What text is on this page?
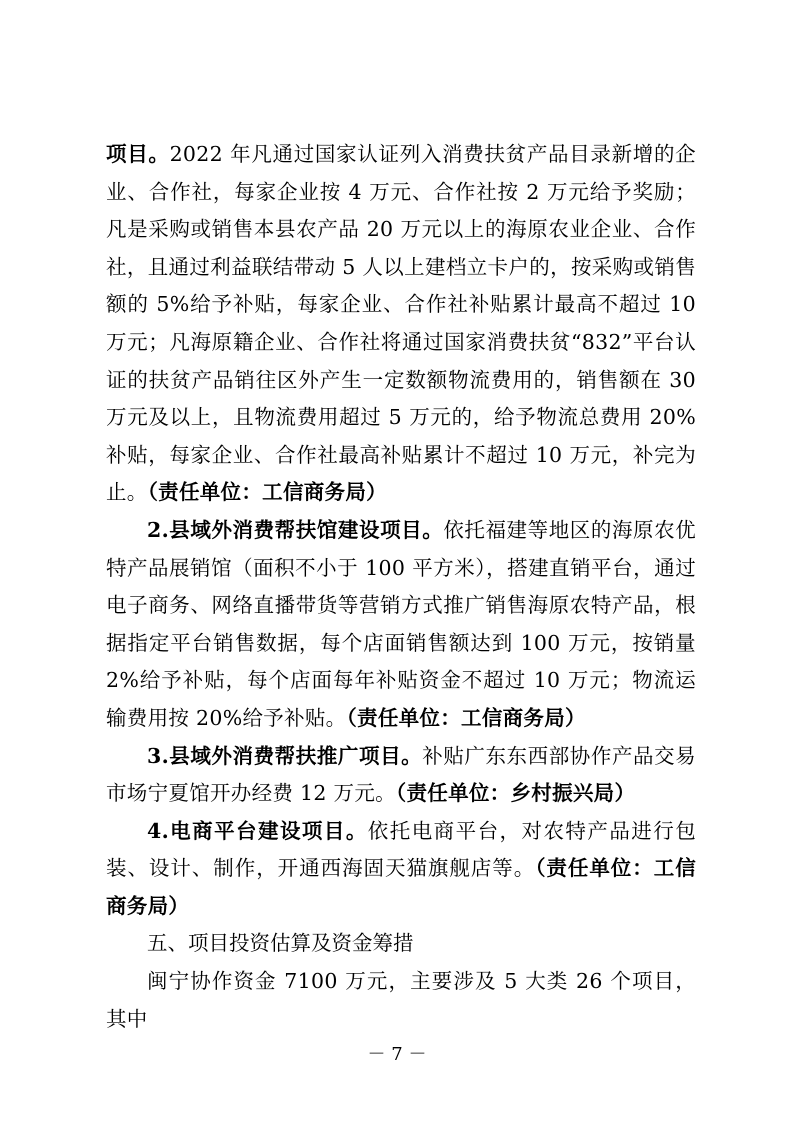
项目。2022 年凡通过国家认证列入消费扶贫产品目录新增的企业、合作社，每家企业按 4 万元、合作社按 2 万元给予奖励；凡是采购或销售本县农产品 20 万元以上的海原农业企业、合作社，且通过利益联结带动 5 人以上建档立卡户的，按采购或销售额的 5%给予补贴，每家企业、合作社补贴累计最高不超过 10 万元；凡海原籍企业、合作社将通过国家消费扶贫“832”平台认证的扶贫产品销往区外产生一定数额物流费用的，销售额在 30 万元及以上，且物流费用超过 5 万元的，给予物流总费用 20%补贴，每家企业、合作社最高补贴累计不超过 10 万元，补完为止。（责任单位：工信商务局）

2.县域外消费帮扶馆建设项目。依托福建等地区的海原农优特产品展销馆（面积不小于 100 平方米），搭建直销平台，通过电子商务、网络直播带货等营销方式推广销售海原农特产品，根据指定平台销售数据，每个店面销售额达到 100 万元，按销量 2%给予补贴，每个店面每年补贴资金不超过 10 万元；物流运输费用按 20%给予补贴。（责任单位：工信商务局）

3.县域外消费帮扶推广项目。补贴广东东西部协作产品交易市场宁夏馆开办经费 12 万元。（责任单位：乡村振兴局）

4.电商平台建设项目。依托电商平台，对农特产品进行包装、设计、制作，开通西海固天猫旗舰店等。（责任单位：工信商务局）

五、项目投资估算及资金筹措

闽宁协作资金 7100 万元，主要涉及 5 大类 26 个项目，其中

－ 7 －
